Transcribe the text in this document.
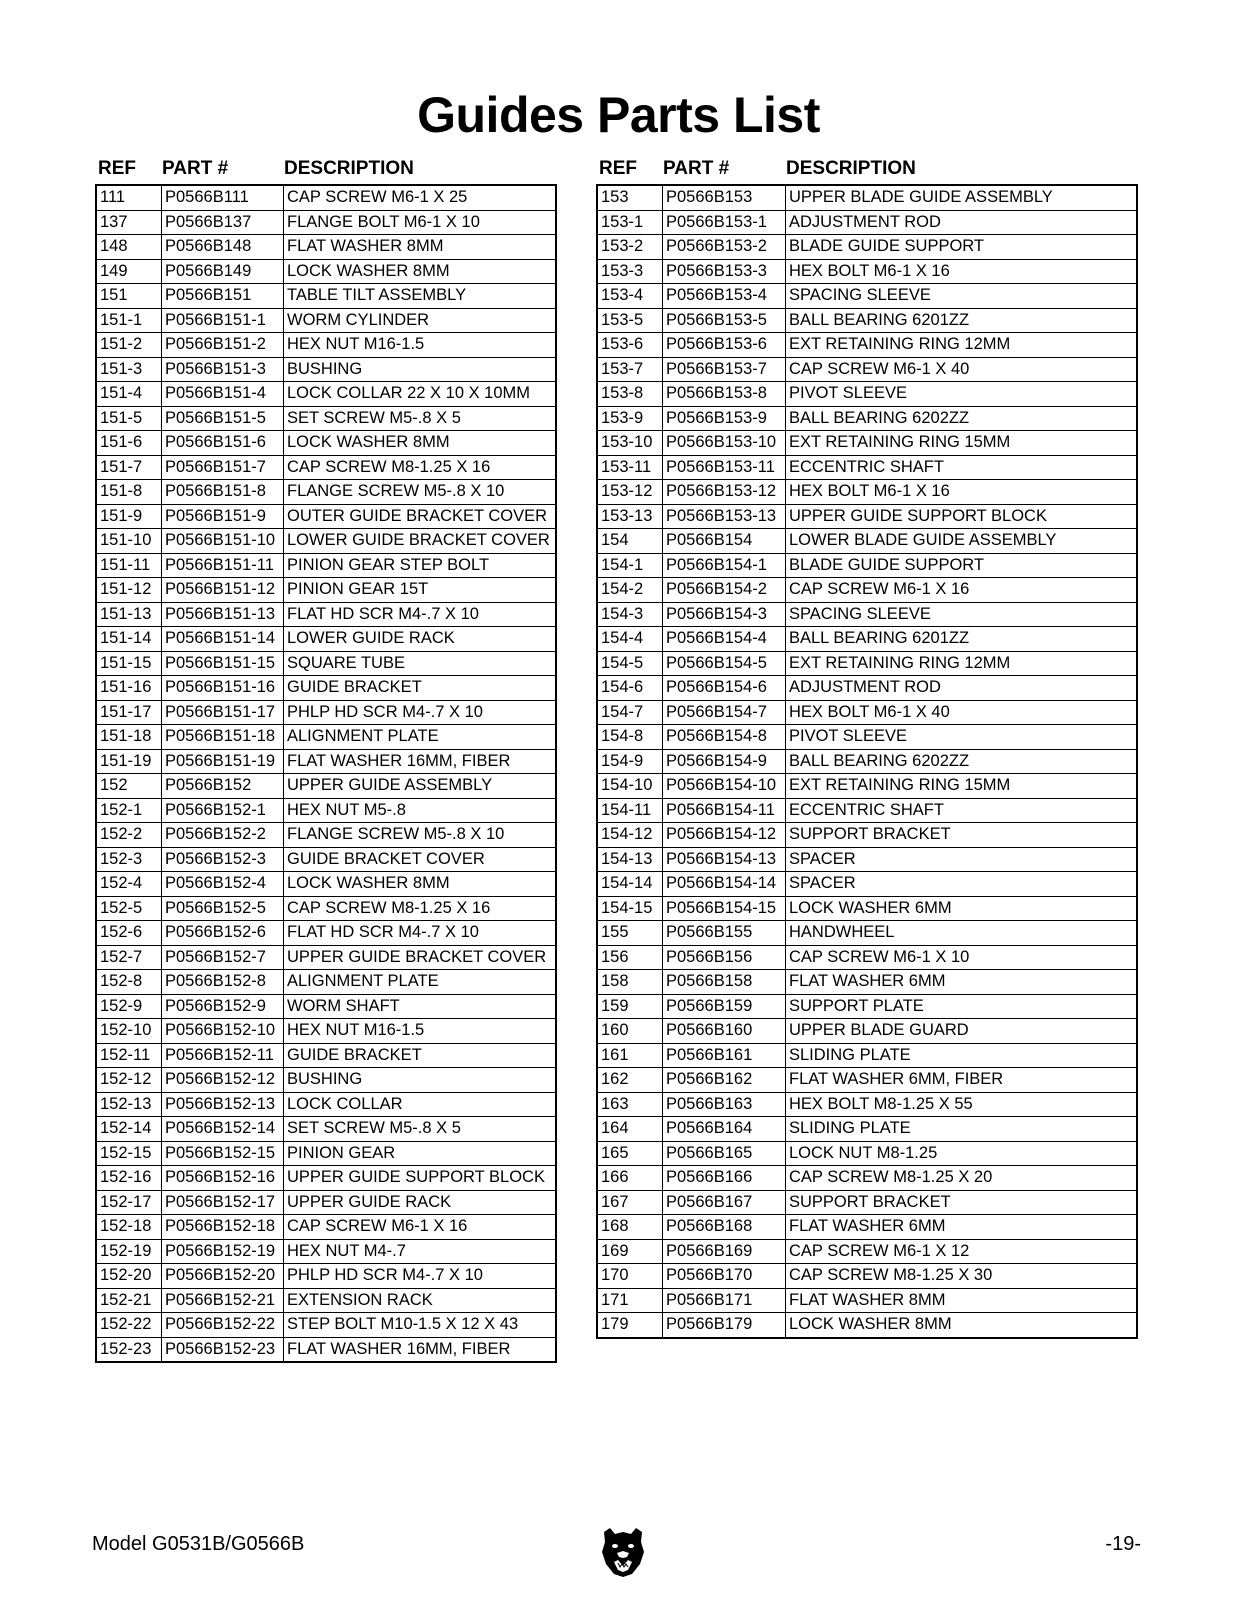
Guides Parts List
REF	PART #	DESCRIPTION
111	P0566B111	CAP SCREW M6-1 X 25
137	P0566B137	FLANGE BOLT M6-1 X 10
148	P0566B148	FLAT WASHER 8MM
149	P0566B149	LOCK WASHER 8MM
151	P0566B151	TABLE TILT ASSEMBLY
151-1	P0566B151-1	WORM CYLINDER
151-2	P0566B151-2	HEX NUT M16-1.5
151-3	P0566B151-3	BUSHING
151-4	P0566B151-4	LOCK COLLAR 22 X 10 X 10MM
151-5	P0566B151-5	SET SCREW M5-.8 X 5
151-6	P0566B151-6	LOCK WASHER 8MM
151-7	P0566B151-7	CAP SCREW M8-1.25 X 16
151-8	P0566B151-8	FLANGE SCREW M5-.8 X 10
151-9	P0566B151-9	OUTER GUIDE BRACKET COVER
151-10 P0566B151-10 LOWER GUIDE BRACKET COVER
151-11 P0566B151-11 PINION GEAR STEP BOLT
151-12 P0566B151-12 PINION GEAR 15T
151-13 P0566B151-13 FLAT HD SCR M4-.7 X 10
151-14 P0566B151-14 LOWER GUIDE RACK
151-15 P0566B151-15 SQUARE TUBE
151-16 P0566B151-16 GUIDE BRACKET
151-17 P0566B151-17 PHLP HD SCR M4-.7 X 10
151-18 P0566B151-18 ALIGNMENT PLATE
151-19 P0566B151-19 FLAT WASHER 16MM, FIBER
152	P0566B152	UPPER GUIDE ASSEMBLY
152-1	P0566B152-1	HEX NUT M5-.8
152-2	P0566B152-2	FLANGE SCREW M5-.8 X 10
152-3	P0566B152-3	GUIDE BRACKET COVER
152-4	P0566B152-4	LOCK WASHER 8MM
152-5	P0566B152-5	CAP SCREW M8-1.25 X 16
152-6	P0566B152-6	FLAT HD SCR M4-.7 X 10
152-7	P0566B152-7	UPPER GUIDE BRACKET COVER
152-8	P0566B152-8	ALIGNMENT PLATE
152-9	P0566B152-9	WORM SHAFT
152-10 P0566B152-10 HEX NUT M16-1.5
152-11 P0566B152-11 GUIDE BRACKET
152-12 P0566B152-12 BUSHING
152-13 P0566B152-13 LOCK COLLAR
152-14 P0566B152-14 SET SCREW M5-.8 X 5
152-15 P0566B152-15 PINION GEAR
152-16 P0566B152-16 UPPER GUIDE SUPPORT BLOCK
152-17 P0566B152-17 UPPER GUIDE RACK
152-18 P0566B152-18 CAP SCREW M6-1 X 16
152-19 P0566B152-19 HEX NUT M4-.7
152-20 P0566B152-20 PHLP HD SCR M4-.7 X 10
152-21 P0566B152-21 EXTENSION RACK
152-22 P0566B152-22 STEP BOLT M10-1.5 X 12 X 43
152-23 P0566B152-23 FLAT WASHER 16MM, FIBER
REF	PART #	DESCRIPTION
153	P0566B153	UPPER BLADE GUIDE ASSEMBLY
153-1	P0566B153-1	ADJUSTMENT ROD
153-2	P0566B153-2	BLADE GUIDE SUPPORT
153-3	P0566B153-3	HEX BOLT M6-1 X 16
153-4	P0566B153-4	SPACING SLEEVE
153-5	P0566B153-5	BALL BEARING 6201ZZ
153-6	P0566B153-6	EXT RETAINING RING 12MM
153-7	P0566B153-7	CAP SCREW M6-1 X 40
153-8	P0566B153-8	PIVOT SLEEVE
153-9	P0566B153-9	BALL BEARING 6202ZZ
153-10 P0566B153-10 EXT RETAINING RING 15MM
153-11 P0566B153-11 ECCENTRIC SHAFT
153-12 P0566B153-12 HEX BOLT M6-1 X 16
153-13 P0566B153-13 UPPER GUIDE SUPPORT BLOCK
154	P0566B154	LOWER BLADE GUIDE ASSEMBLY
154-1	P0566B154-1	BLADE GUIDE SUPPORT
154-2	P0566B154-2	CAP SCREW M6-1 X 16
154-3	P0566B154-3	SPACING SLEEVE
154-4	P0566B154-4	BALL BEARING 6201ZZ
154-5	P0566B154-5	EXT RETAINING RING 12MM
154-6	P0566B154-6	ADJUSTMENT ROD
154-7	P0566B154-7	HEX BOLT M6-1 X 40
154-8	P0566B154-8	PIVOT SLEEVE
154-9	P0566B154-9	BALL BEARING 6202ZZ
154-10 P0566B154-10 EXT RETAINING RING 15MM
154-11 P0566B154-11 ECCENTRIC SHAFT
154-12 P0566B154-12 SUPPORT BRACKET
154-13 P0566B154-13 SPACER
154-14 P0566B154-14 SPACER
154-15 P0566B154-15 LOCK WASHER 6MM
155	P0566B155	HANDWHEEL
156	P0566B156	CAP SCREW M6-1 X 10
158	P0566B158	FLAT WASHER 6MM
159	P0566B159	SUPPORT PLATE
160	P0566B160	UPPER BLADE GUARD
161	P0566B161	SLIDING PLATE
162	P0566B162	FLAT WASHER 6MM, FIBER
163	P0566B163	HEX BOLT M8-1.25 X 55
164	P0566B164	SLIDING PLATE
165	P0566B165	LOCK NUT M8-1.25
166	P0566B166	CAP SCREW M8-1.25 X 20
167	P0566B167	SUPPORT BRACKET
168	P0566B168	FLAT WASHER 6MM
169	P0566B169	CAP SCREW M6-1 X 12
170	P0566B170	CAP SCREW M8-1.25 X 30
171	P0566B171	FLAT WASHER 8MM
179	P0566B179	LOCK WASHER 8MM
Model G0531B/G0566B	-19-
